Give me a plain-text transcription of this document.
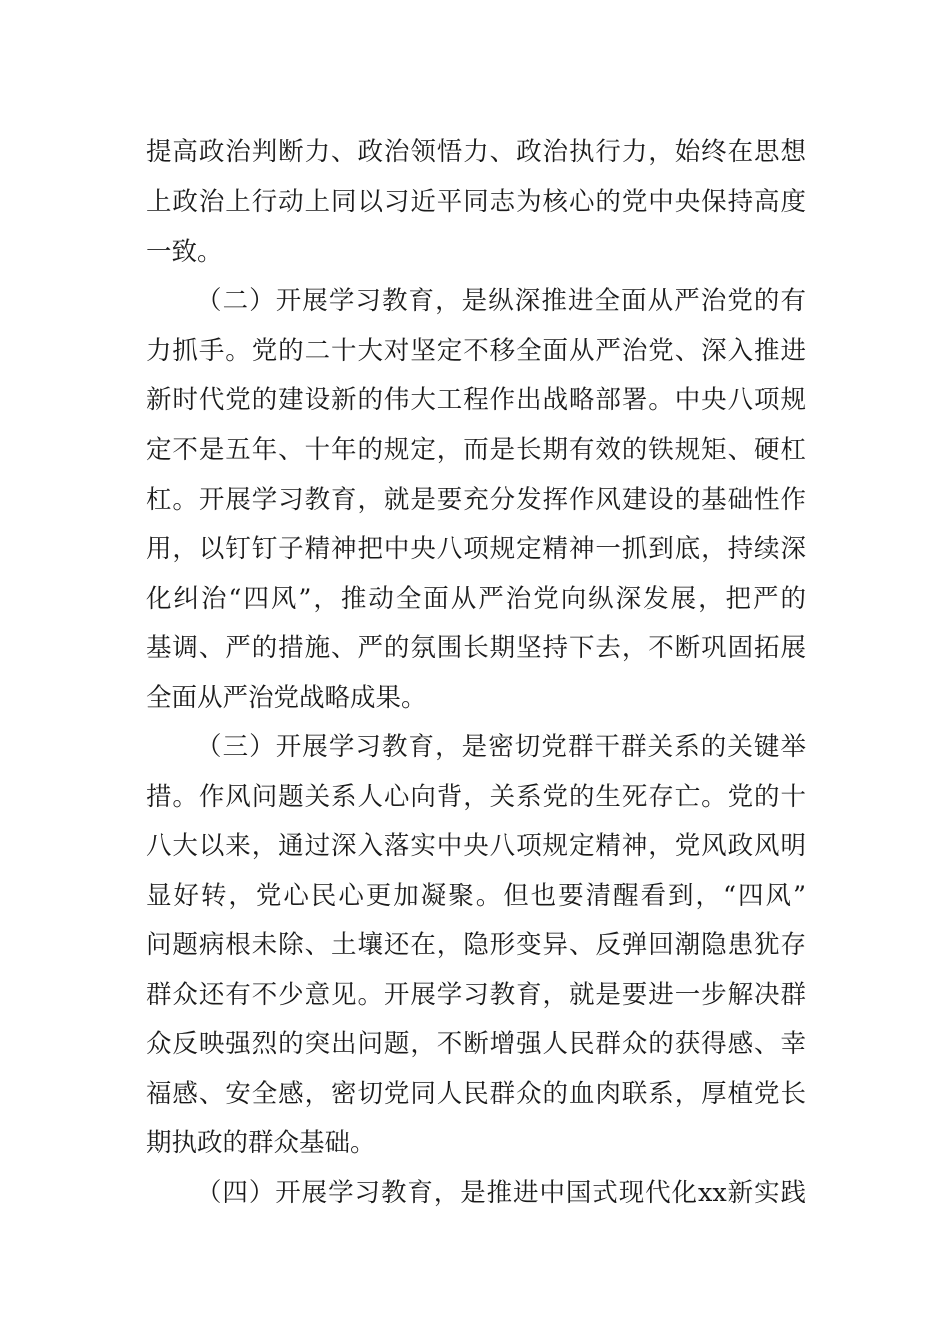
提高政治判断力、政治领悟力、政治执行力，始终在思想
上政治上行动上同以习近平同志为核心的党中央保持高度
一致。
（二）开展学习教育，是纵深推进全面从严治党的有
力抓手。党的二十大对坚定不移全面从严治党、深入推进
新时代党的建设新的伟大工程作出战略部署。中央八项规
定不是五年、十年的规定，而是长期有效的铁规矩、硬杠
杠。开展学习教育，就是要充分发挥作风建设的基础性作
用，以钉钉子精神把中央八项规定精神一抓到底，持续深
化纠治“四风”，推动全面从严治党向纵深发展，把严的
基调、严的措施、严的氛围长期坚持下去，不断巩固拓展
全面从严治党战略成果。
（三）开展学习教育，是密切党群干群关系的关键举
措。作风问题关系人心向背，关系党的生死存亡。党的十
八大以来，通过深入落实中央八项规定精神，党风政风明
显好转，党心民心更加凝聚。但也要清醒看到，“四风”
问题病根未除、土壤还在，隐形变异、反弹回潮隐患犹存
群众还有不少意见。开展学习教育，就是要进一步解决群
众反映强烈的突出问题，不断增强人民群众的获得感、幸
福感、安全感，密切党同人民群众的血肉联系，厚植党长
期执政的群众基础。
（四）开展学习教育，是推进中国式现代化xx新实践
